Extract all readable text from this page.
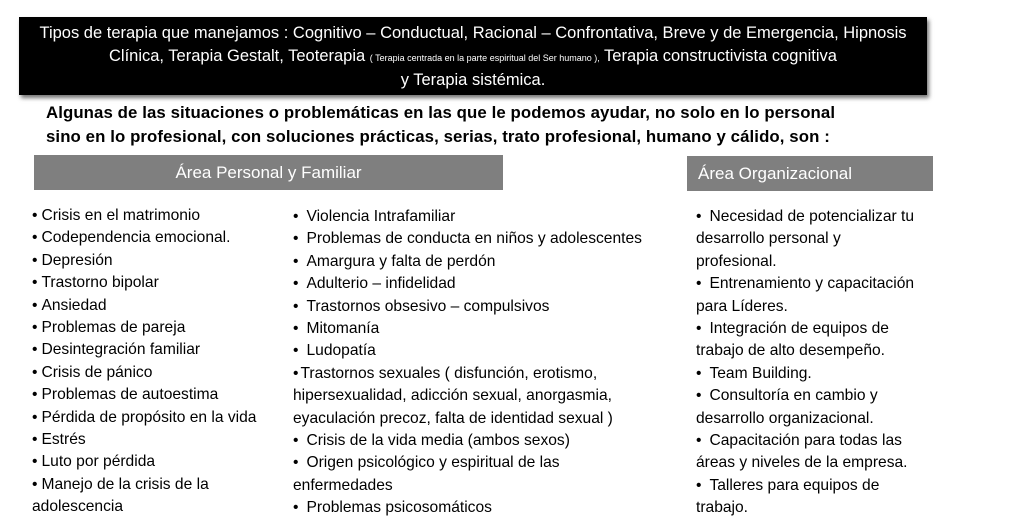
Tipos de terapia que manejamos : Cognitivo – Conductual, Racional – Confrontativa, Breve y de Emergencia, Hipnosis
Clínica, Terapia Gestalt, Teoterapia ( Terapia centrada en la parte espiritual del Ser humano ), Terapia constructivista cognitiva
y Terapia sistémica.
Algunas de las situaciones o problemáticas en las que le podemos ayudar, no solo en lo personal
sino en lo profesional, con soluciones prácticas, serias, trato profesional, humano y cálido, son :
Área Personal y Familiar	Área Organizacional
• Crisis en el matrimonio
• Codependencia emocional.
• Depresión
• Trastorno bipolar
• Ansiedad
• Problemas de pareja
• Desintegración familiar
• Crisis de pánico
• Problemas de autoestima
• Pérdida de propósito en la vida
• Estrés
• Luto por pérdida
• Manejo de la crisis de la
adolescencia
• Violencia Intrafamiliar
• Problemas de conducta en niños y adolescentes
• Amargura y falta de perdón
• Adulterio – infidelidad
• Trastornos obsesivo – compulsivos
• Mitomanía
• Ludopatía
• Trastornos sexuales ( disfunción, erotismo,
hipersexualidad, adicción sexual, anorgasmia,
eyaculación precoz, falta de identidad sexual )
• Crisis de la vida media (ambos sexos)
• Origen psicológico y espiritual de las
enfermedades
• Problemas psicosomáticos
• Necesidad de potencializar tu
desarrollo personal y
profesional.
• Entrenamiento y capacitación
para Líderes.
• Integración de equipos de
trabajo de alto desempeño.
• Team Building.
• Consultoría en cambio y
desarrollo organizacional.
• Capacitación para todas las
áreas y niveles de la empresa.
• Talleres para equipos de
trabajo.
